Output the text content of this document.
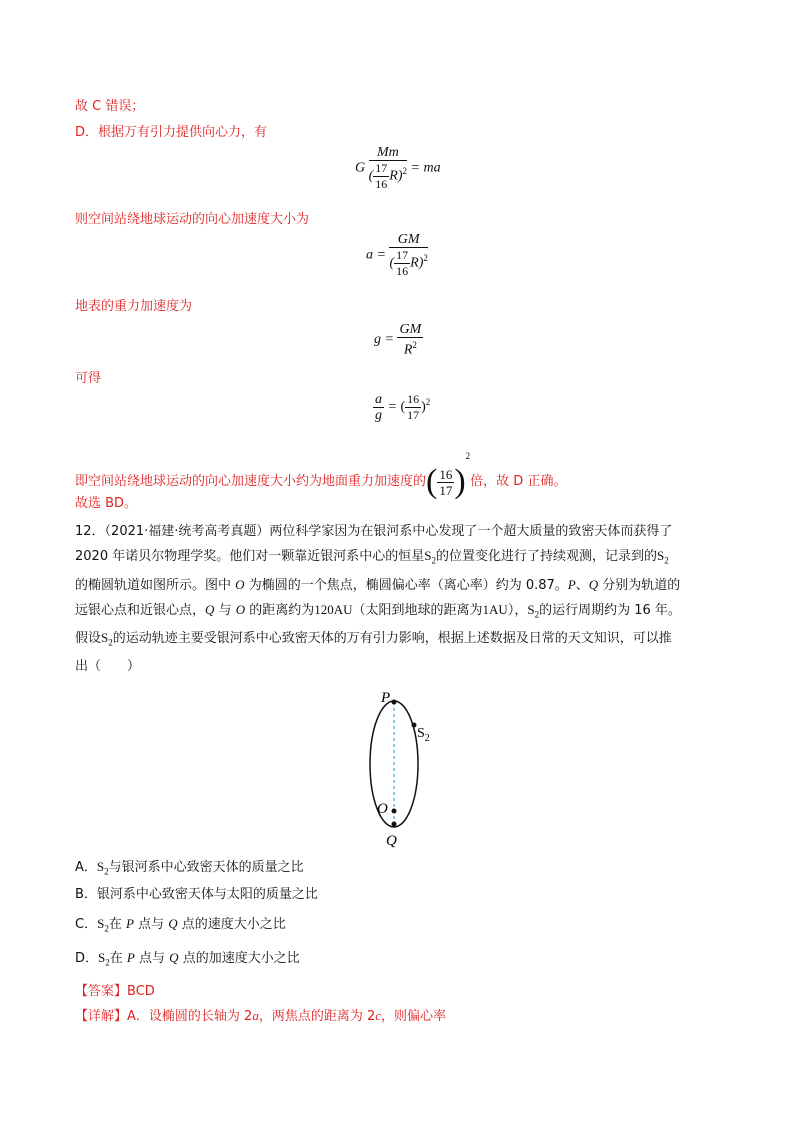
故 C 错误；
D．根据万有引力提供向心力，有
G $\frac{Mm}{( \frac{17}{16} R)^2}$ = ma
则空间站绕地球运动的向心加速度大小为
$a = \frac{GM}{( \frac{17}{16} R)^2}$
地表的重力加速度为
$g = \frac{GM}{R^2}$
可得
$\frac{a}{g}$ = ( $\frac{16}{17} )^2$
即空间站绕地球运动的向心加速度大小约为地面重力加速度的( $\frac{16}{17} )^2$倍，故 D 正确。
故选 BD。
12．（2021·福建·统考高考真题）两位科学家因为在银河系中心发现了一个超大质量的致密天体而获得了
2020 年诺贝尔物理学奖。他们对一颗靠近银河系中心的恒星$S_2$的位置变化进行了持续观测，记录到的$S_2$
的椭圆轨道如图所示。图中 O 为椭圆的一个焦点，椭圆偏心率（离心率）约为 0.87。P、Q 分别为轨道的
远银心点和近银心点，Q 与 O 的距离约为120AU（太阳到地球的距离为1AU），$S_2$的运行周期约为 16 年。
假设$S_2$的运动轨迹主要受银河系中心致密天体的万有引力影响，根据上述数据及日常的天文知识，可以推
出（　　）
P
Q
O
$S_2$
A．$S_2$与银河系中心致密天体的质量之比
B．银河系中心致密天体与太阳的质量之比
C．$S_2$在 P 点与 Q 点的速度大小之比
D．$S_2$在 P 点与 Q 点的加速度大小之比
【答案】BCD
【详解】A．设椭圆的长轴为 2a，两焦点的距离为 2c，则偏心率
